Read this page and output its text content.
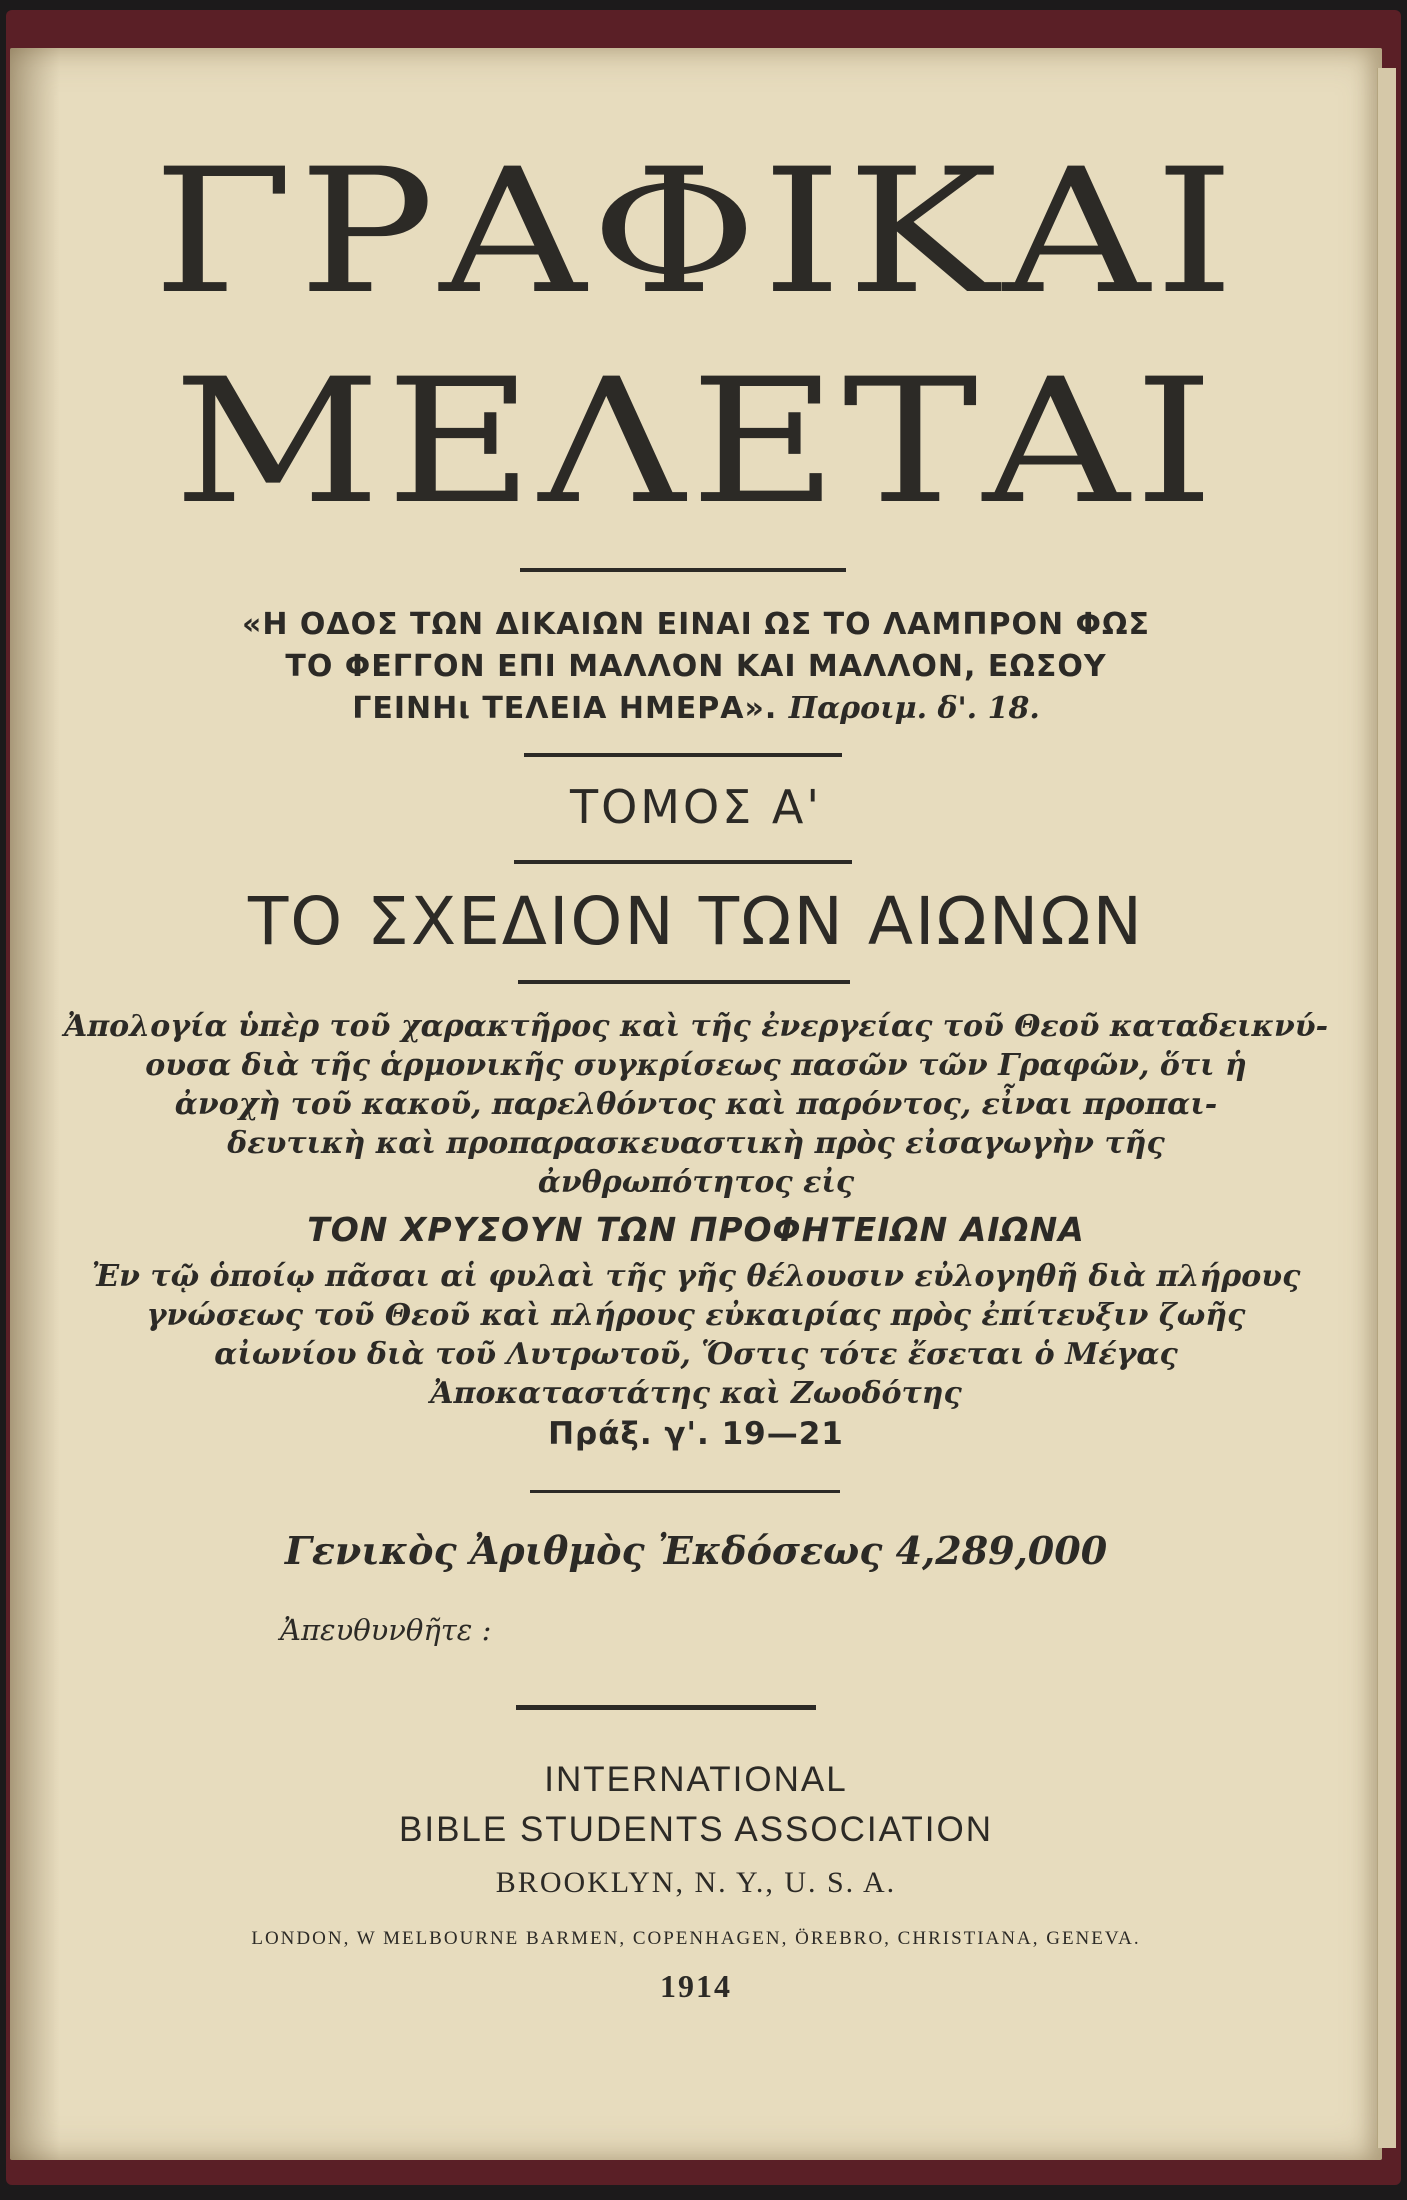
ΓΡΑΦΙΚΑΙ
ΜΕΛΕΤΑΙ
«Η ΟΔΟΣ ΤΩΝ ΔΙΚΑΙΩΝ ΕΙΝΑΙ ΩΣ ΤΟ ΛΑΜΠΡΟΝ ΦΩΣ
ΤΟ ΦΕΓΓΟΝ ΕΠΙ ΜΑΛΛΟΝ ΚΑΙ ΜΑΛΛΟΝ, ΕΩΣΟΥ
ΓΕΙΝΗι ΤΕΛΕΙΑ ΗΜΕΡΑ». Παροιμ. δ'. 18.
ΤΟΜΟΣ Α'
ΤΟ ΣΧΕΔΙΟΝ ΤΩΝ ΑΙΩΝΩΝ
Ἀπολογία ὑπὲρ τοῦ χαρακτῆρος καὶ τῆς ἐνεργείας τοῦ Θεοῦ καταδεικνύ-
ουσα διὰ τῆς ἁρμονικῆς συγκρίσεως πασῶν τῶν Γραφῶν, ὅτι ἡ
ἀνοχὴ τοῦ κακοῦ, παρελθόντος καὶ παρόντος, εἶναι προπαι-
δευτικὴ καὶ προπαρασκευαστικὴ πρὸς εἰσαγωγὴν τῆς
ἀνθρωπότητος εἰς
ΤΟΝ ΧΡΥΣΟΥΝ ΤΩΝ ΠΡΟΦΗΤΕΙΩΝ ΑΙΩΝΑ
Ἐν τῷ ὁποίῳ πᾶσαι αἱ φυλαὶ τῆς γῆς θέλουσιν εὐλογηθῆ διὰ πλήρους
γνώσεως τοῦ Θεοῦ καὶ πλήρους εὐκαιρίας πρὸς ἐπίτευξιν ζωῆς
αἰωνίου διὰ τοῦ Λυτρωτοῦ, Ὅστις τότε ἔσεται ὁ Μέγας
Ἀποκαταστάτης καὶ Ζωοδότης
Πράξ. γ'. 19—21
Γενικὸς Ἀριθμὸς Ἐκδόσεως 4,289,000
Ἀπευθυνθῆτε :
INTERNATIONAL
BIBLE STUDENTS ASSOCIATION
BROOKLYN, N. Y., U. S. A.
LONDON, W MELBOURNE BARMEN, COPENHAGEN, ÖREBRO, CHRISTIANA, GENEVA.
1914
